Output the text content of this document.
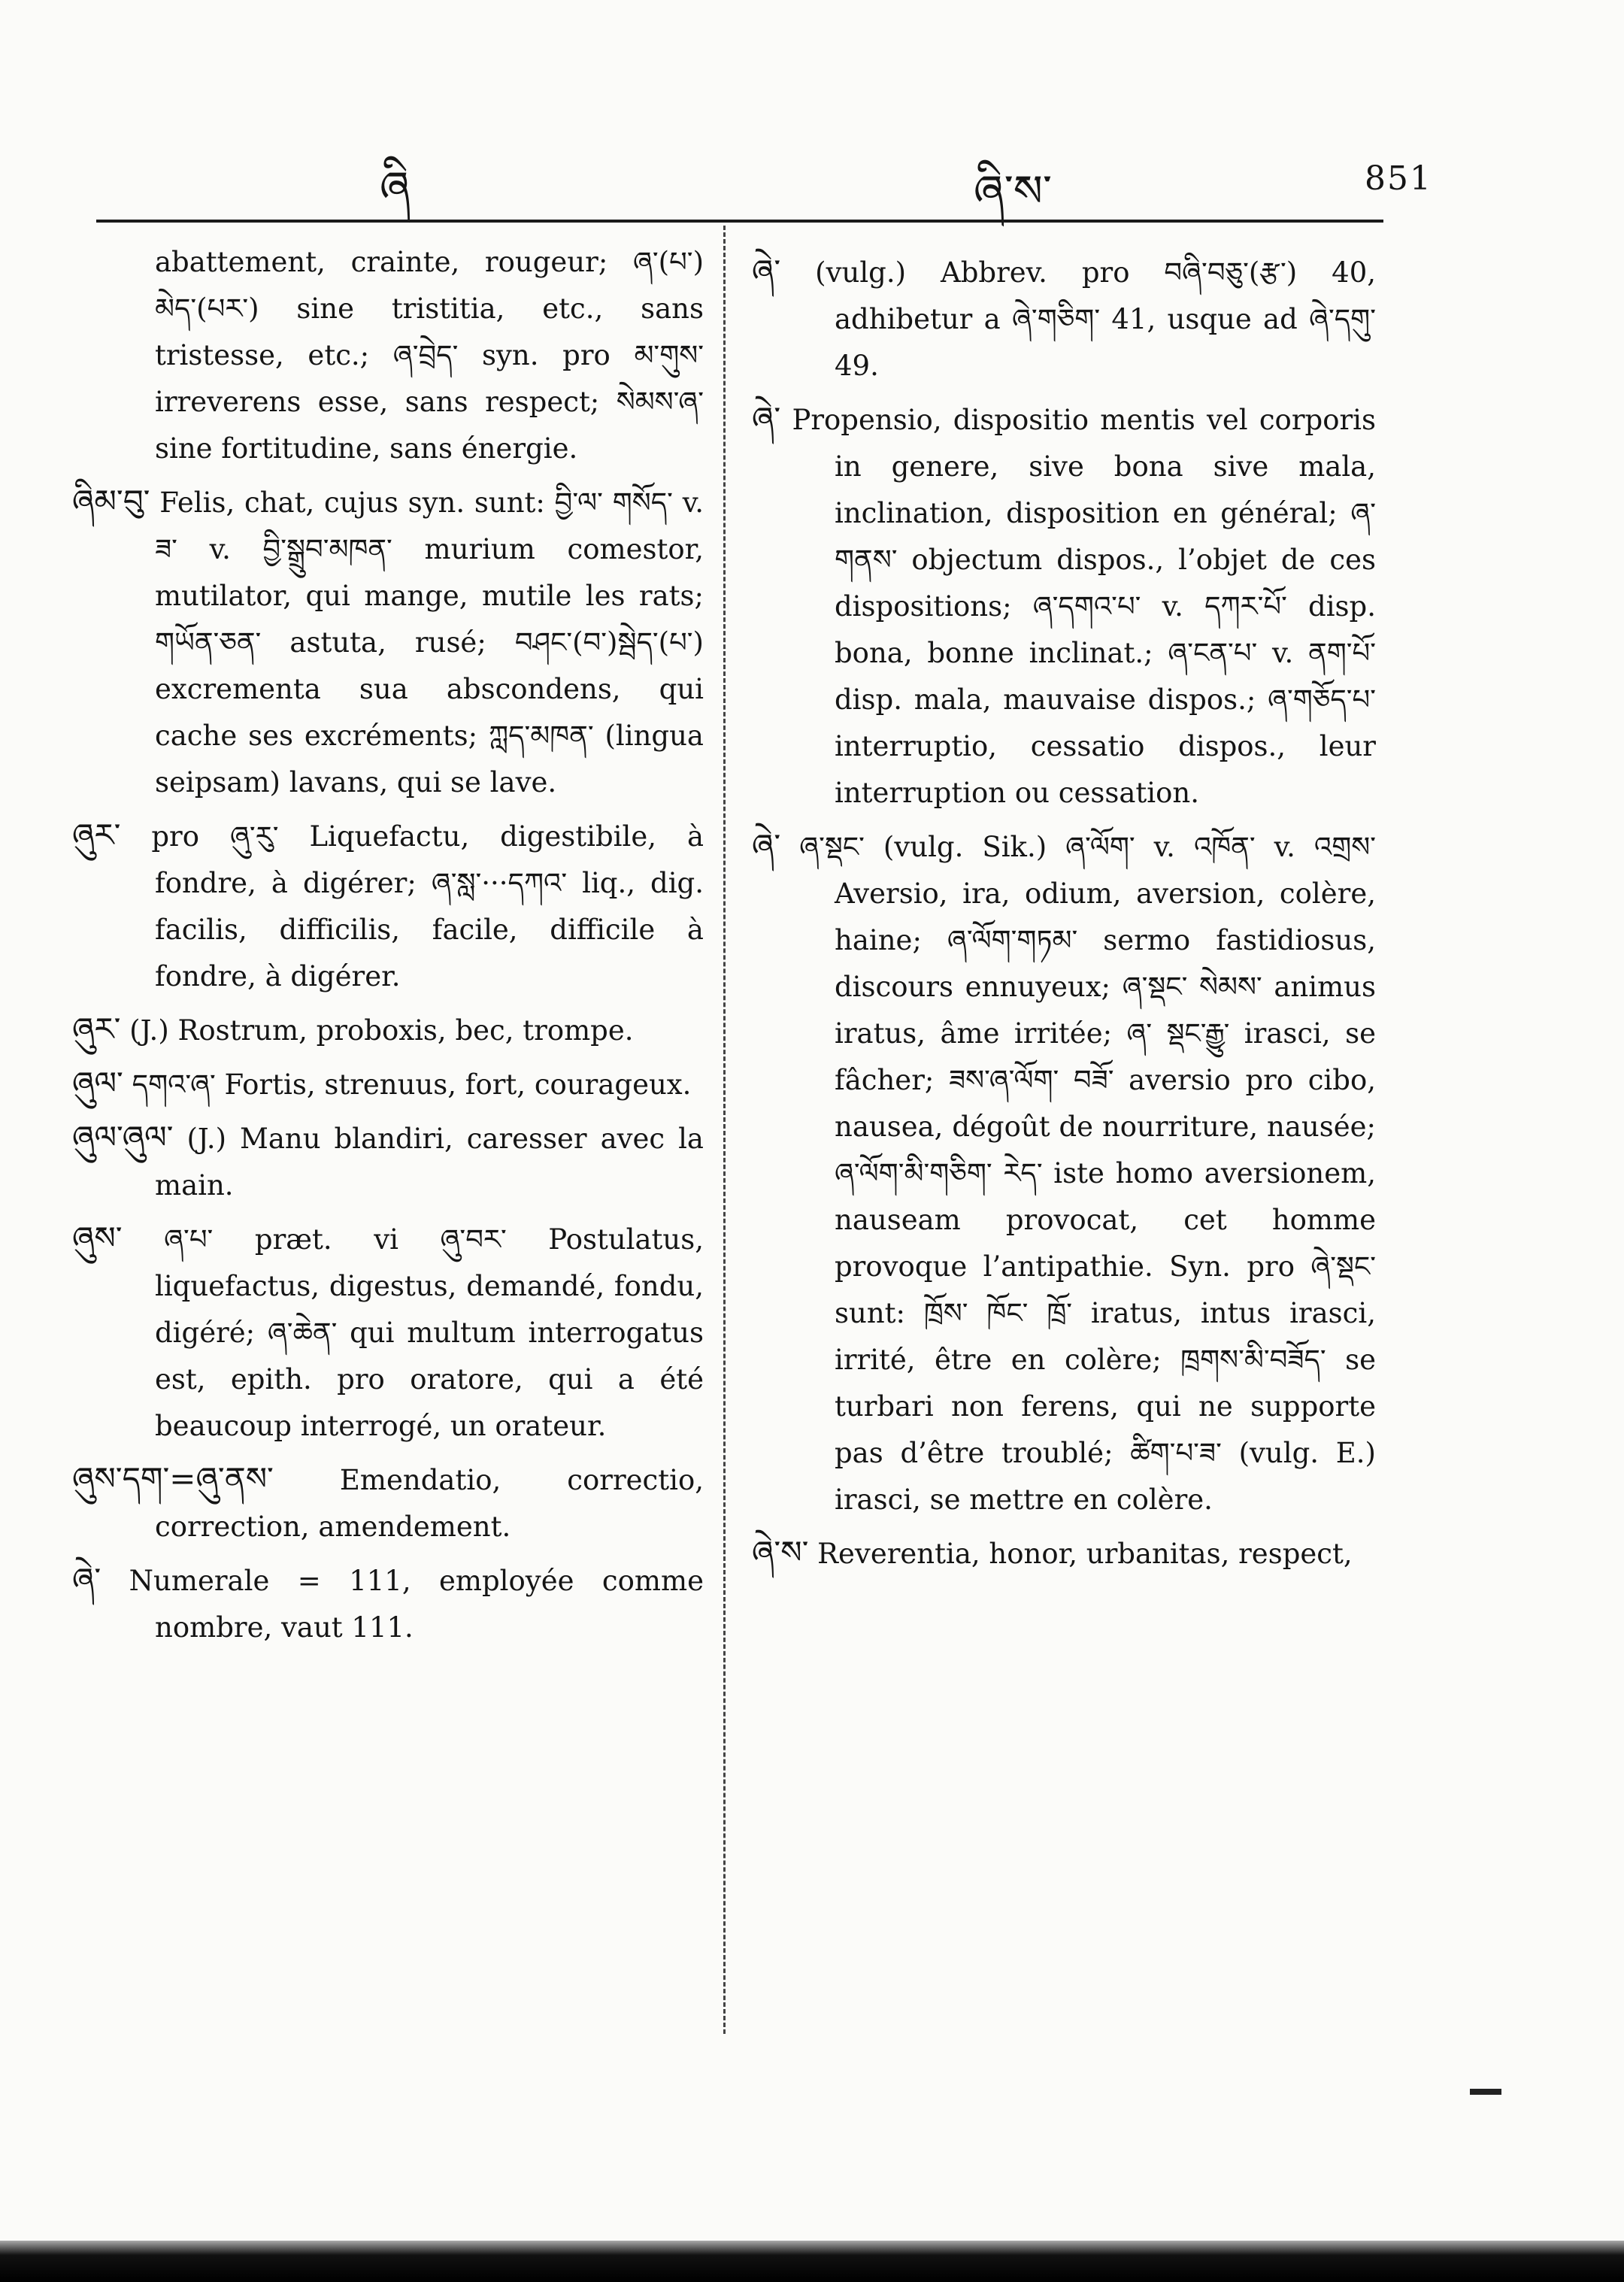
ཞི	ཞི་ས་	851

abattement, crainte, rougeur; ཞ་(པ་) མེད་(པར་) sine tristitia, etc., sans tristesse, etc.; ཞ་བྲེད་ syn. pro མ་གུས་ irreverens esse, sans respect; སེམས་ཞ་ sine fortitudine, sans énergie.

ཞིམ་བུ་ Felis, chat, cujus syn. sunt: བྱི་ལ་ གསོད་ v. ཟ་ v. བྱི་སྒྲུབ་མཁན་ murium comestor, mutilator, qui mange, mutile les rats; གཡོན་ཅན་ astuta, rusé; བཤང་(བ་)སྦེད་(པ་) excrementa sua abscondens, qui cache ses excréments; ཀླད་མཁན་ (lingua seipsam) lavans, qui se lave.

ཞུར་ pro ཞུ་རུ་ Liquefactu, digestibile, à fondre, à digérer; ཞ་སླ་···དཀའ་ liq., dig. facilis, difficilis, facile, difficile à fondre, à digérer.

ཞུར་ (J.) Rostrum, proboxis, bec, trompe.

ཞུལ་ དགའ་ཞ་ Fortis, strenuus, fort, courageux.

ཞུལ་ཞུལ་ (J.) Manu blandiri, caresser avec la main.

ཞུས་ ཞ་པ་ præt. vi ཞུ་བར་ Postulatus, liquefactus, digestus, demandé, fondu, digéré; ཞ་ཆེན་ qui multum interrogatus est, epith. pro oratore, qui a été beaucoup interrogé, un orateur.

ཞུས་དག་=ཞུ་ནས་ Emendatio, correctio, correction, amendement.

ཞེ་ Numerale = 111, employée comme nombre, vaut 111.

ཞེ་ (vulg.) Abbrev. pro བཞི་བཅུ་(རྩ་) 40, adhibetur a ཞེ་གཅིག་ 41, usque ad ཞེ་དགུ་ 49.

ཞེ་ Propensio, dispositio mentis vel corporis in genere, sive bona sive mala, inclination, disposition en général; ཞ་གནས་ objectum dispos., l’objet de ces dispositions; ཞ་དགའ་པ་ v. དཀར་པོ་ disp. bona, bonne inclinat.; ཞ་ངན་པ་ v. ནག་པོ་ disp. mala, mauvaise dispos.; ཞ་གཅོད་པ་ interruptio, cessatio dispos., leur interruption ou cessation.

ཞེ་ ཞ་སྡང་ (vulg. Sik.) ཞ་ལོག་ v. འཁོན་ v. འགྲས་ Aversio, ira, odium, aversion, colère, haine; ཞ་ལོག་གཏམ་ sermo fastidiosus, discours ennuyeux; ཞ་སྡང་ སེམས་ animus iratus, âme irritée; ཞ་ སྡང་རྒྱུ་ irasci, se fâcher; ཟས་ཞ་ལོག་ བཟོ་ aversio pro cibo, nausea, dégoût de nourriture, nausée; ཞ་ལོག་མི་གཅིག་ རེད་ iste homo aversionem, nauseam provocat, cet homme provoque l’antipathie. Syn. pro ཞེ་སྡང་ sunt: ཁྲོས་ ཁོང་ ཁྲོ་ iratus, intus irasci, irrité, être en colère; ཁྲགས་མི་བཟོད་ se turbari non ferens, qui ne supporte pas d’être troublé; ཚིག་པ་ཟ་ (vulg. E.) irasci, se mettre en colère.

ཞེ་ས་ Reverentia, honor, urbanitas, respect,
